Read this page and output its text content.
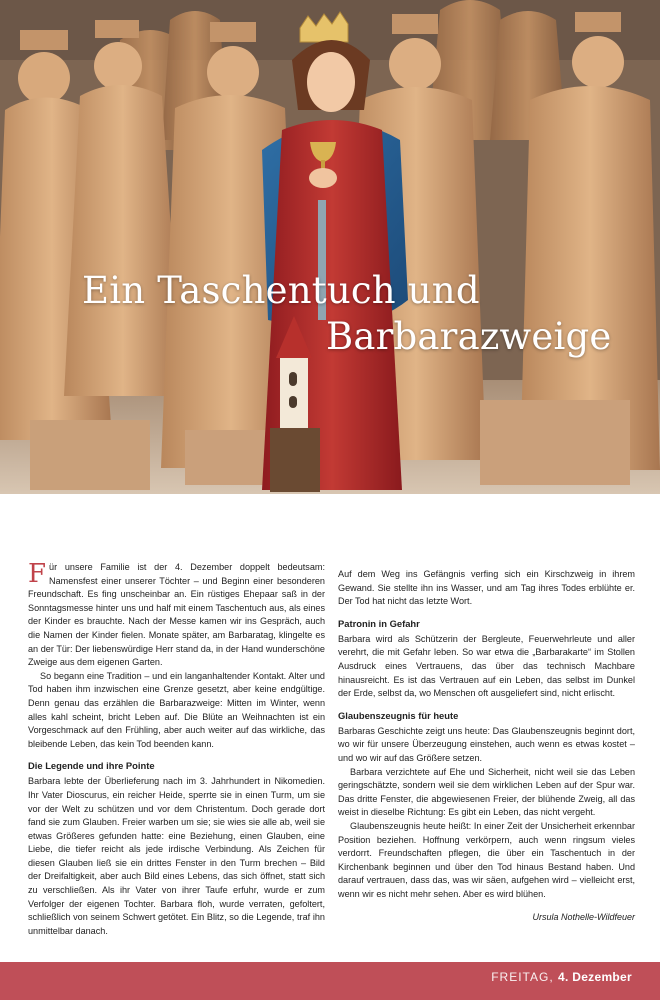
Ein Taschentuch und
Barbarazweige

Für unsere Familie ist der 4. Dezember doppelt bedeutsam: Namensfest einer unserer Töchter – und Beginn einer besonderen Freundschaft. Es fing unscheinbar an. Ein rüstiges Ehepaar saß in der Sonntagsmesse hinter uns und half mit einem Taschentuch aus, als eines der Kinder es brauchte. Nach der Messe kamen wir ins Gespräch, auch die Namen der Kinder fielen. Monate später, am Barbaratag, klingelte es an der Tür: Der liebenswürdige Herr stand da, in der Hand wunderschöne Zweige aus dem eigenen Garten.

So begann eine Tradition – und ein langanhaltender Kontakt. Alter und Tod haben ihm inzwischen eine Grenze gesetzt, aber keine endgültige. Denn genau das erzählen die Barbarazweige: Mitten im Winter, wenn alles kahl scheint, bricht Leben auf. Die Blüte an Weihnachten ist ein Vorgeschmack auf den Frühling, aber auch weiter auf das wirkliche, das bleibende Leben, das kein Tod beenden kann.

Die Legende und ihre Pointe

Barbara lebte der Überlieferung nach im 3. Jahrhundert in Nikomedien. Ihr Vater Dioscurus, ein reicher Heide, sperrte sie in einen Turm, um sie vor der Welt zu schützen und vor dem Christentum. Doch gerade dort fand sie zum Glauben. Freier warben um sie; sie wies sie alle ab, weil sie etwas Größeres gefunden hatte: eine Beziehung, einen Glauben, eine Liebe, die tiefer reicht als jede irdische Verbindung. Als Zeichen für diesen Glauben ließ sie ein drittes Fenster in den Turm brechen – Bild der Dreifaltigkeit, aber auch Bild eines Lebens, das sich öffnet, statt sich zu verschließen. Als ihr Vater von ihrer Taufe erfuhr, wurde er zum Verfolger der eigenen Tochter. Barbara floh, wurde verraten, gefoltert, schließlich von seinem Schwert getötet. Ein Blitz, so die Legende, traf ihn unmittelbar danach.

Auf dem Weg ins Gefängnis verfing sich ein Kirschzweig in ihrem Gewand. Sie stellte ihn ins Wasser, und am Tag ihres Todes erblühte er. Der Tod hat nicht das letzte Wort.

Patronin in Gefahr

Barbara wird als Schützerin der Bergleute, Feuerwehrleute und aller verehrt, die mit Gefahr leben. So war etwa die „Barbarakarte“ im Stollen Ausdruck eines Vertrauens, das über das technisch Machbare hinausreicht. Es ist das Vertrauen auf ein Leben, das selbst im Dunkel der Erde, selbst da, wo Menschen oft ausgeliefert sind, nicht erlischt.

Glaubenszeugnis für heute

Barbaras Geschichte zeigt uns heute: Das Glaubenszeugnis beginnt dort, wo wir für unsere Überzeugung einstehen, auch wenn es etwas kostet – und wo wir auf das Größere setzen.

Barbara verzichtete auf Ehe und Sicherheit, nicht weil sie das Leben geringschätzte, sondern weil sie dem wirklichen Leben auf der Spur war. Das dritte Fenster, die abgewiesenen Freier, der blühende Zweig, all das weist in dieselbe Richtung: Es gibt ein Leben, das nicht vergeht.

Glaubenszeugnis heute heißt: In einer Zeit der Unsicherheit erkennbar Position beziehen. Hoffnung verkörpern, auch wenn ringsum vieles verdorrt. Freundschaften pflegen, die über ein Taschentuch in der Kirchenbank beginnen und über den Tod hinaus Bestand haben. Und darauf vertrauen, dass das, was wir säen, aufgehen wird – vielleicht erst, wenn wir es nicht mehr sehen. Aber es wird blühen.

Ursula Nothelle-Wildfeuer
FREITAG, 4. Dezember
